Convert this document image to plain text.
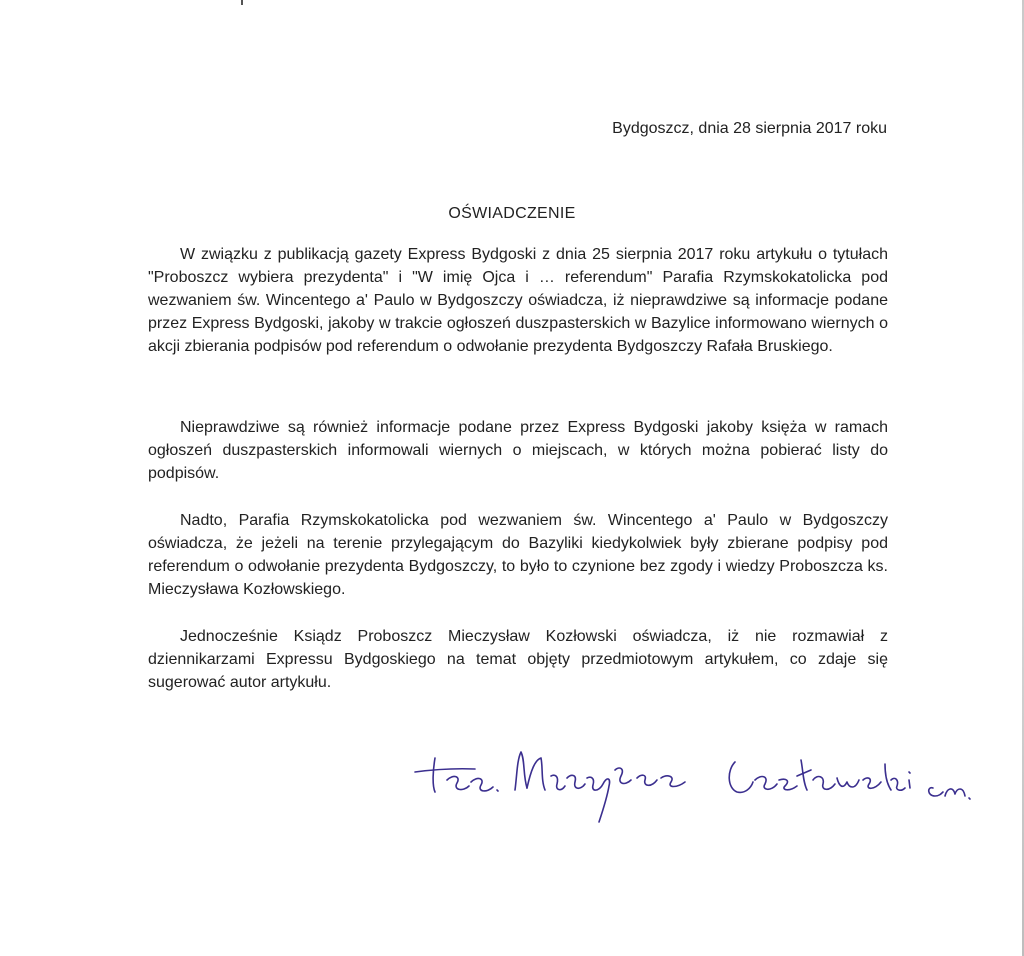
Bydgoszcz, dnia 28 sierpnia 2017 roku
OŚWIADCZENIE

W związku z publikacją gazety Express Bydgoski z dnia 25 sierpnia 2017 roku artykułu o tytułach "Proboszcz wybiera prezydenta" i "W imię Ojca i … referendum" Parafia Rzymskokatolicka pod wezwaniem św. Wincentego a' Paulo w Bydgoszczy oświadcza, iż nieprawdziwe są informacje podane przez Express Bydgoski, jakoby w trakcie ogłoszeń duszpasterskich w Bazylice informowano wiernych o akcji zbierania podpisów pod referendum o odwołanie prezydenta Bydgoszczy Rafała Bruskiego.

Nieprawdziwe są również informacje podane przez Express Bydgoski jakoby księża w ramach ogłoszeń duszpasterskich informowali wiernych o miejscach, w których można pobierać listy do podpisów.

Nadto, Parafia Rzymskokatolicka pod wezwaniem św. Wincentego a' Paulo w Bydgoszczy oświadcza, że jeżeli na terenie przylegającym do Bazyliki kiedykolwiek były zbierane podpisy pod referendum o odwołanie prezydenta Bydgoszczy, to było to czynione bez zgody i wiedzy Proboszcza ks. Mieczysława Kozłowskiego.

Jednocześnie Ksiądz Proboszcz Mieczysław Kozłowski oświadcza, iż nie rozmawiał z dziennikarzami Expressu Bydgoskiego na temat objęty przedmiotowym artykułem, co zdaje się sugerować autor artykułu.
